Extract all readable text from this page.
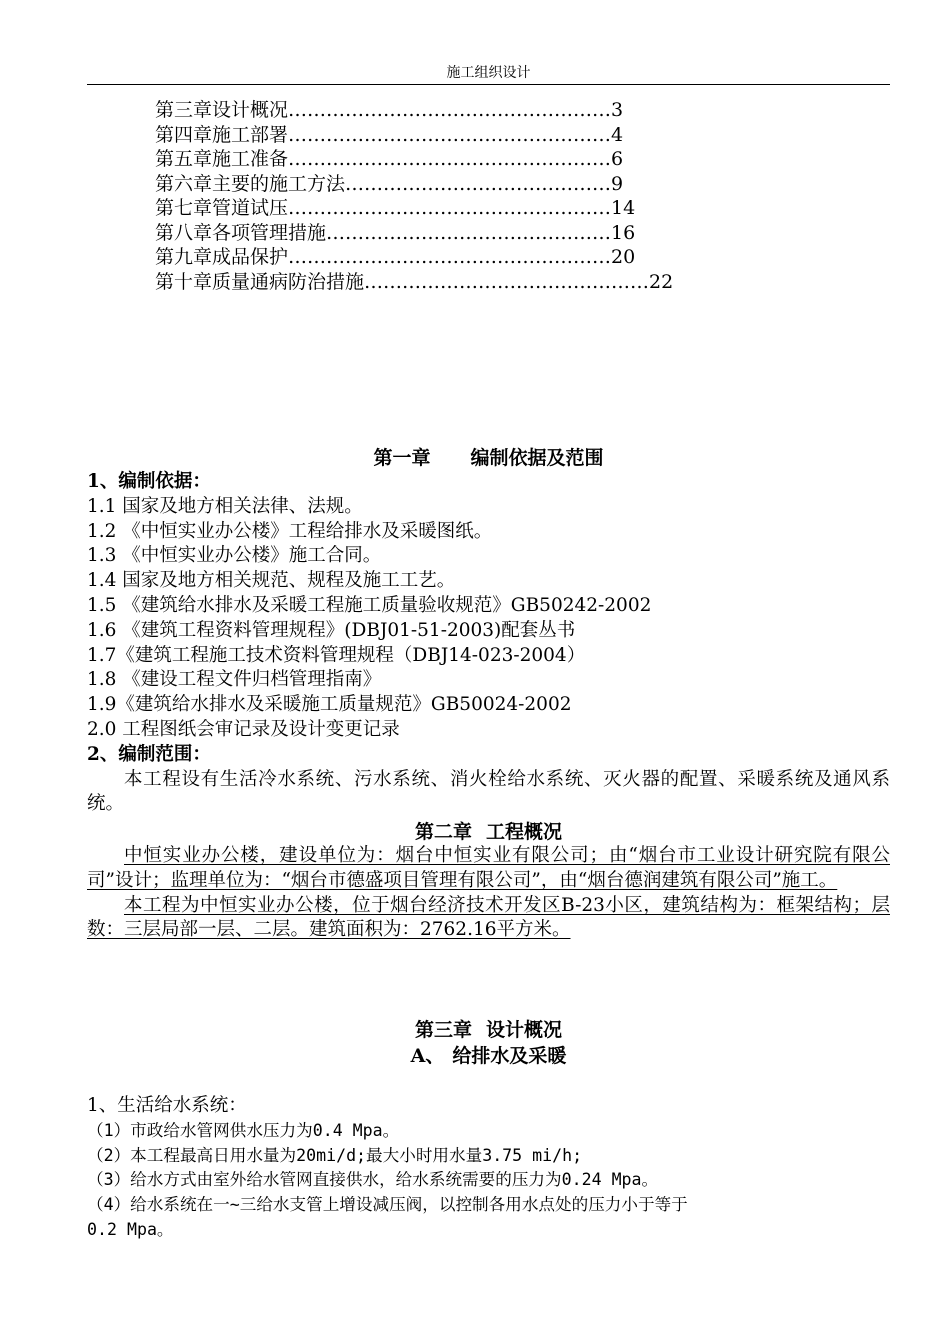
施工组织设计
第三章设计概况……………………………………………3
第四章施工部署……………………………………………4
第五章施工准备……………………………………………6
第六章主要的施工方法……………………………………9
第七章管道试压……………………………………………14
第八章各项管理措施………………………………………16
第九章成品保护……………………………………………20
第十章质量通病防治措施………………………………………22
第一章 编制依据及范围
1、编制依据：
1.1 国家及地方相关法律、法规。
1.2 《中恒实业办公楼》工程给排水及采暖图纸。
1.3 《中恒实业办公楼》施工合同。
1.4 国家及地方相关规范、规程及施工工艺。
1.5 《建筑给水排水及采暖工程施工质量验收规范》GB50242-2002
1.6 《建筑工程资料管理规程》(DBJ01-51-2003)配套丛书
1.7《建筑工程施工技术资料管理规程（DBJ14-023-2004）
1.8 《建设工程文件归档管理指南》
1.9《建筑给水排水及采暖施工质量规范》GB50024-2002
2.0 工程图纸会审记录及设计变更记录
2、编制范围：
本工程设有生活冷水系统、污水系统、消火栓给水系统、灭火器的配置、采暖系统及通风系统。
第二章 工程概况
中恒实业办公楼，建设单位为：烟台中恒实业有限公司；由“烟台市工业设计研究院有限公司”设计；监理单位为：“烟台市德盛项目管理有限公司”，由“烟台德润建筑有限公司”施工。
本工程为中恒实业办公楼，位于烟台经济技术开发区B-23小区，建筑结构为：框架结构；层数：三层局部一层、二层。建筑面积为：2762.16平方米。
第三章 设计概况
A、 给排水及采暖
1、生活给水系统：
（1）市政给水管网供水压力为0.4 Mpa。
（2）本工程最高日用水量为20mi/d;最大小时用水量3.75 mi/h;
（3）给水方式由室外给水管网直接供水，给水系统需要的压力为0.24 Mpa。
（4）给水系统在一~三给水支管上增设减压阀，以控制各用水点处的压力小于等于
0.2 Mpa。
